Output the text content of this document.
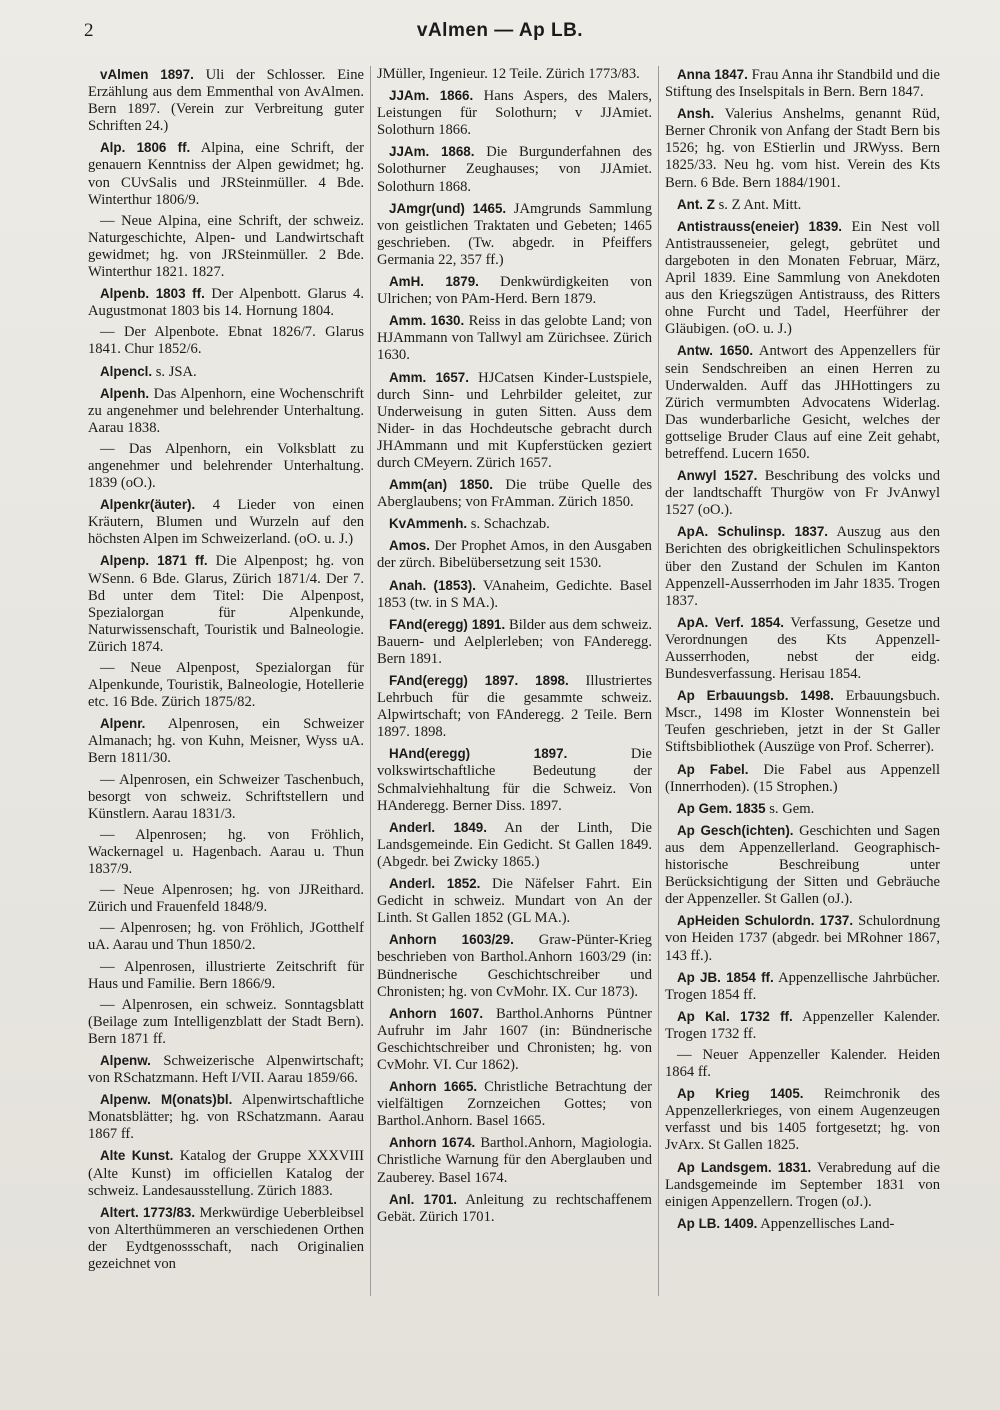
2	vAlmen — Ap LB.

vAlmen 1897. Uli der Schlosser. Eine Erzählung aus dem Emmenthal von AvAlmen. Bern 1897. (Verein zur Verbreitung guter Schriften 24.)

Alp. 1806 ff. Alpina, eine Schrift, der genauern Kenntniss der Alpen gewidmet; hg. von CUvSalis und JRSteinmüller. 4 Bde. Winterthur 1806/9.

— Neue Alpina, eine Schrift, der schweiz. Naturgeschichte, Alpen- und Landwirtschaft gewidmet; hg. von JRSteinmüller. 2 Bde. Winterthur 1821. 1827.

Alpenb. 1803 ff. Der Alpenbott. Glarus 4. Augustmonat 1803 bis 14. Hornung 1804.

— Der Alpenbote. Ebnat 1826/7. Glarus 1841. Chur 1852/6.

Alpencl. s. JSA.

Alpenh. Das Alpenhorn, eine Wochenschrift zu angenehmer und belehrender Unterhaltung. Aarau 1838.

— Das Alpenhorn, ein Volksblatt zu angenehmer und belehrender Unterhaltung. 1839 (oO.).

Alpenkr(äuter). 4 Lieder von einen Kräutern, Blumen und Wurzeln auf den höchsten Alpen im Schweizerland. (oO. u. J.)

Alpenp. 1871 ff. Die Alpenpost; hg. von WSenn. 6 Bde. Glarus, Zürich 1871/4. Der 7. Bd unter dem Titel: Die Alpenpost, Spezialorgan für Alpenkunde, Naturwissenschaft, Touristik und Balneologie. Zürich 1874.

— Neue Alpenpost, Spezialorgan für Alpenkunde, Touristik, Balneologie, Hotellerie etc. 16 Bde. Zürich 1875/82.

Alpenr. Alpenrosen, ein Schweizer Almanach; hg. von Kuhn, Meisner, Wyss uA. Bern 1811/30.

— Alpenrosen, ein Schweizer Taschenbuch, besorgt von schweiz. Schriftstellern und Künstlern. Aarau 1831/3.

— Alpenrosen; hg. von Fröhlich, Wackernagel u. Hagenbach. Aarau u. Thun 1837/9.

— Neue Alpenrosen; hg. von JJReithard. Zürich und Frauenfeld 1848/9.

— Alpenrosen; hg. von Fröhlich, JGotthelf uA. Aarau und Thun 1850/2.

— Alpenrosen, illustrierte Zeitschrift für Haus und Familie. Bern 1866/9.

— Alpenrosen, ein schweiz. Sonntagsblatt (Beilage zum Intelligenzblatt der Stadt Bern). Bern 1871 ff.

Alpenw. Schweizerische Alpenwirtschaft; von RSchatzmann. Heft I/VII. Aarau 1859/66.

Alpenw. M(onats)bl. Alpenwirtschaftliche Monatsblätter; hg. von RSchatzmann. Aarau 1867 ff.

Alte Kunst. Katalog der Gruppe XXXVIII (Alte Kunst) im officiellen Katalog der schweiz. Landesausstellung. Zürich 1883.

Altert. 1773/83. Merkwürdige Ueberbleibsel von Alterthümmeren an verschiedenen Orthen der Eydtgenossschaft, nach Originalien gezeichnet von

JMüller, Ingenieur. 12 Teile. Zürich 1773/83.

JJAm. 1866. Hans Aspers, des Malers, Leistungen für Solothurn; v JJAmiet. Solothurn 1866.

JJAm. 1868. Die Burgunderfahnen des Solothurner Zeughauses; von JJAmiet. Solothurn 1868.

JAmgr(und) 1465. JAmgrunds Sammlung von geistlichen Traktaten und Gebeten; 1465 geschrieben. (Tw. abgedr. in Pfeiffers Germania 22, 357 ff.)

AmH. 1879. Denkwürdigkeiten von Ulrichen; von PAm-Herd. Bern 1879.

Amm. 1630. Reiss in das gelobte Land; von HJAmmann von Tallwyl am Zürichsee. Zürich 1630.

Amm. 1657. HJCatsen Kinder-Lustspiele, durch Sinn- und Lehrbilder geleitet, zur Underweisung in guten Sitten. Auss dem Nider- in das Hochdeutsche gebracht durch JHAmmann und mit Kupferstücken geziert durch CMeyern. Zürich 1657.

Amm(an) 1850. Die trübe Quelle des Aberglaubens; von FrAmman. Zürich 1850.

KvAmmenh. s. Schachzab.

Amos. Der Prophet Amos, in den Ausgaben der zürch. Bibelübersetzung seit 1530.

Anah. (1853). VAnaheim, Gedichte. Basel 1853 (tw. in S MA.).

FAnd(eregg) 1891. Bilder aus dem schweiz. Bauern- und Aelplerleben; von FAnderegg. Bern 1891.

FAnd(eregg) 1897. 1898. Illustriertes Lehrbuch für die gesammte schweiz. Alpwirtschaft; von FAnderegg. 2 Teile. Bern 1897. 1898.

HAnd(eregg) 1897.	Die volkswirtschaftliche Bedeutung der Schmalviehhaltung für die Schweiz. Von HAnderegg. Berner Diss. 1897.

Anderl. 1849. An der Linth, Die Landsgemeinde. Ein Gedicht. St Gallen 1849. (Abgedr. bei Zwicky 1865.)

Anderl. 1852. Die Näfelser Fahrt. Ein Gedicht in schweiz. Mundart von An der Linth. St Gallen 1852 (GL MA.).

Anhorn 1603/29. Graw-Pünter-Krieg beschrieben von Barthol.Anhorn 1603/29 (in: Bündnerische Geschichtschreiber und Chronisten; hg. von CvMohr. IX. Cur 1873).

Anhorn 1607. Barthol.Anhorns Püntner Aufruhr im Jahr 1607 (in: Bündnerische Geschichtschreiber und Chronisten; hg. von CvMohr. VI. Cur 1862).

Anhorn 1665. Christliche Betrachtung der vielfältigen Zornzeichen Gottes; von Barthol.Anhorn. Basel 1665.

Anhorn 1674. Barthol.Anhorn, Magiologia. Christliche Warnung für den Aberglauben und Zauberey. Basel 1674.

Anl. 1701. Anleitung zu rechtschaffenem Gebät. Zürich 1701.

Anna 1847. Frau Anna ihr Standbild und die Stiftung des Inselspitals in Bern. Bern 1847.

Ansh. Valerius Anshelms, genannt Rüd, Berner Chronik von Anfang der Stadt Bern bis 1526; hg. von EStierlin und JRWyss. Bern 1825/33. Neu hg. vom hist. Verein des Kts Bern. 6 Bde. Bern 1884/1901.

Ant. Z s. Z Ant. Mitt.

Antistrauss(eneier) 1839. Ein Nest voll Antistrausseneier, gelegt, gebrütet und dargeboten in den Monaten Februar, März, April 1839. Eine Sammlung von Anekdoten aus den Kriegszügen Antistrauss, des Ritters ohne Furcht und Tadel, Heerführer der Gläubigen. (oO. u. J.)

Antw. 1650. Antwort des Appenzellers für sein Sendschreiben an einen Herren zu Underwalden. Auff das JHHottingers zu Zürich vermumbten Advocatens Widerlag. Das wunderbarliche Gesicht, welches der gottselige Bruder Claus auf eine Zeit gehabt, betreffend. Lucern 1650.

Anwyl 1527. Beschribung des volcks und der landtschafft Thurgöw von Fr JvAnwyl 1527 (oO.).

ApA. Schulinsp. 1837. Auszug aus den Berichten des obrigkeitlichen Schulinspektors über den Zustand der Schulen im Kanton Appenzell-Ausserrhoden im Jahr 1835. Trogen 1837.

ApA. Verf. 1854. Verfassung, Gesetze und Verordnungen des Kts Appenzell-Ausserrhoden, nebst der eidg. Bundesverfassung. Herisau 1854.

Ap Erbauungsb. 1498. Erbauungsbuch. Mscr., 1498 im Kloster Wonnenstein bei Teufen geschrieben, jetzt in der St Galler Stiftsbibliothek (Auszüge von Prof. Scherrer).

Ap Fabel. Die Fabel aus Appenzell (Innerrhoden). (15 Strophen.)

Ap Gem. 1835 s. Gem.

Ap Gesch(ichten). Geschichten und Sagen aus dem Appenzellerland. Geographisch-historische Beschreibung unter Berücksichtigung der Sitten und Gebräuche der Appenzeller. St Gallen (oJ.).

ApHeiden Schulordn. 1737. Schulordnung von Heiden 1737 (abgedr. bei MRohner 1867, 143 ff.).

Ap JB. 1854 ff. Appenzellische Jahrbücher. Trogen 1854 ff.

Ap Kal. 1732 ff. Appenzeller Kalender. Trogen 1732 ff.

— Neuer Appenzeller Kalender. Heiden 1864 ff.

Ap Krieg 1405. Reimchronik des Appenzellerkrieges, von einem Augenzeugen verfasst und bis 1405 fortgesetzt; hg. von JvArx. St Gallen 1825.

Ap Landsgem. 1831. Verabredung auf die Landsgemeinde im September 1831 von einigen Appenzellern. Trogen (oJ.).

Ap LB. 1409. Appenzellisches Land-
